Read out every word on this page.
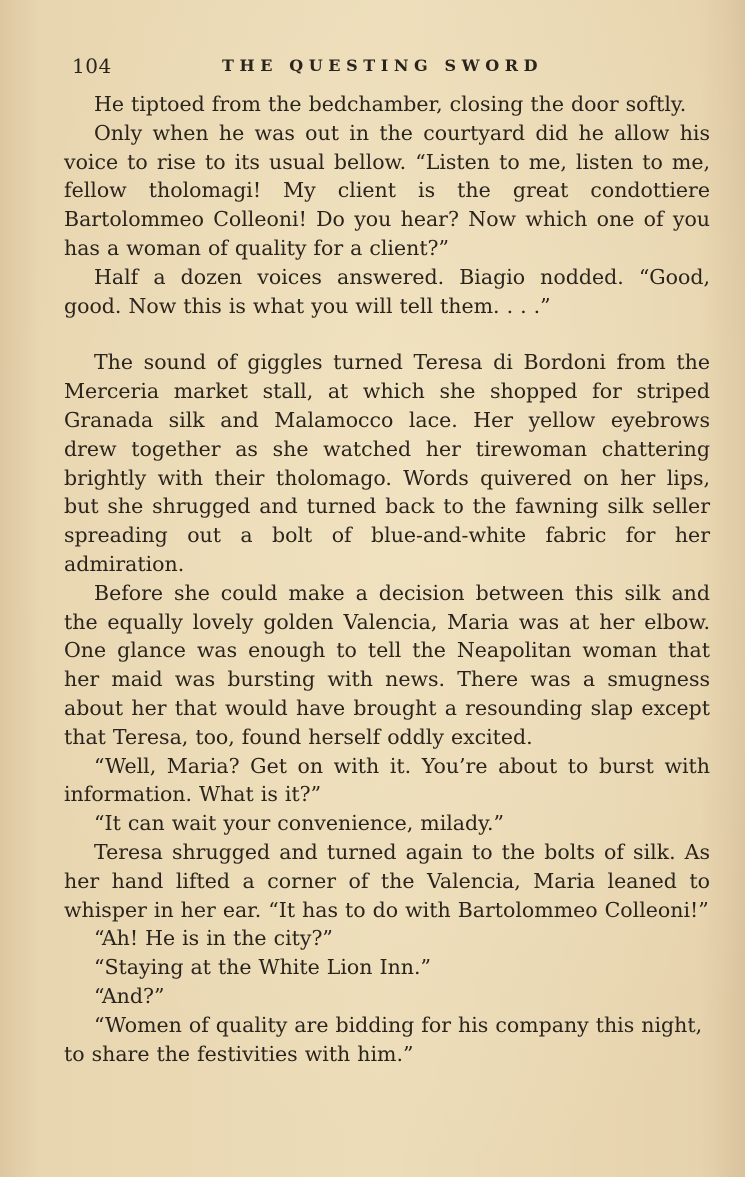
104	THE QUESTING SWORD

He tiptoed from the bedchamber, closing the door softly.

Only when he was out in the courtyard did he allow his voice to rise to its usual bellow. “Listen to me, listen to me, fellow tholomagi! My client is the great condottiere Bartolommeo Colleoni! Do you hear? Now which one of you has a woman of quality for a client?”

Half a dozen voices answered. Biagio nodded. “Good, good. Now this is what you will tell them. . . .”

The sound of giggles turned Teresa di Bordoni from the Merceria market stall, at which she shopped for striped Granada silk and Malamocco lace. Her yellow eyebrows drew together as she watched her tirewoman chattering brightly with their tholomago. Words quivered on her lips, but she shrugged and turned back to the fawning silk seller spreading out a bolt of blue-and-white fabric for her admiration.

Before she could make a decision between this silk and the equally lovely golden Valencia, Maria was at her elbow. One glance was enough to tell the Neapolitan woman that her maid was bursting with news. There was a smugness about her that would have brought a resounding slap except that Teresa, too, found herself oddly excited.

“Well, Maria? Get on with it. You’re about to burst with information. What is it?”

“It can wait your convenience, milady.”

Teresa shrugged and turned again to the bolts of silk. As her hand lifted a corner of the Valencia, Maria leaned to whisper in her ear. “It has to do with Bartolommeo Colleoni!”

“Ah! He is in the city?”

“Staying at the White Lion Inn.”

“And?”

“Women of quality are bidding for his company this night, to share the festivities with him.”
